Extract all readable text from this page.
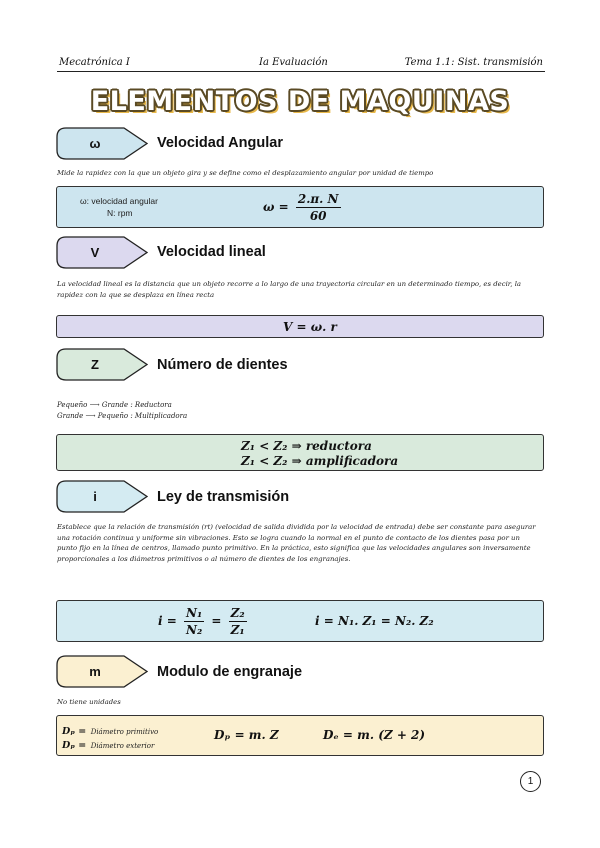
Mecatrónica I	Ia Evaluación	Tema 1.1: Sist. transmisión
ELEMENTOS DE MAQUINAS
ω	Velocidad Angular
Mide la rapidez con la que un objeto gira y se define como el desplazamiento angular por unidad de tiempo
ω: velocidad angular
N: rpm	$\omega = \frac{2.\pi. N}{60}$
V	Velocidad lineal
La velocidad lineal es la distancia que un objeto recorre a lo largo de una trayectoria circular en un determinado tiempo, es decir, la rapidez con la que se desplaza en línea recta
V = ω. r
Z	Número de dientes
Pequeño ⟶ Grande : Reductora
Grande ⟶ Pequeño : Multiplicadora
Z₁ < Z₂ ⇒ reductora
Z₁ < Z₂ ⇒ amplificadora
i	Ley de transmisión
Establece que la relación de transmisión (rt) (velocidad de salida dividida por la velocidad de entrada) debe ser constante para asegurar una rotación continua y uniforme sin vibraciones. Esto se logra cuando la normal en el punto de contacto de los dientes pasa por un punto fijo en la línea de centros, llamado punto primitivo. En la práctica, esto significa que las velocidades angulares son inversamente proporcionales a los diámetros primitivos o al número de dientes de los engranajes.
$i = \frac{\text{N₁}}{\text{N₂}} = \frac{\text{Z₂}}{\text{Z₁}}$	i = N₁. Z₁ = N₂. Z₂
m	Modulo de engranaje
No tiene unidades
Dₚ = Diámetro primitivo
Dₚ = Diámetro exterior
Dₚ = m. Z	Dₑ = m. (Z + 2)
1
